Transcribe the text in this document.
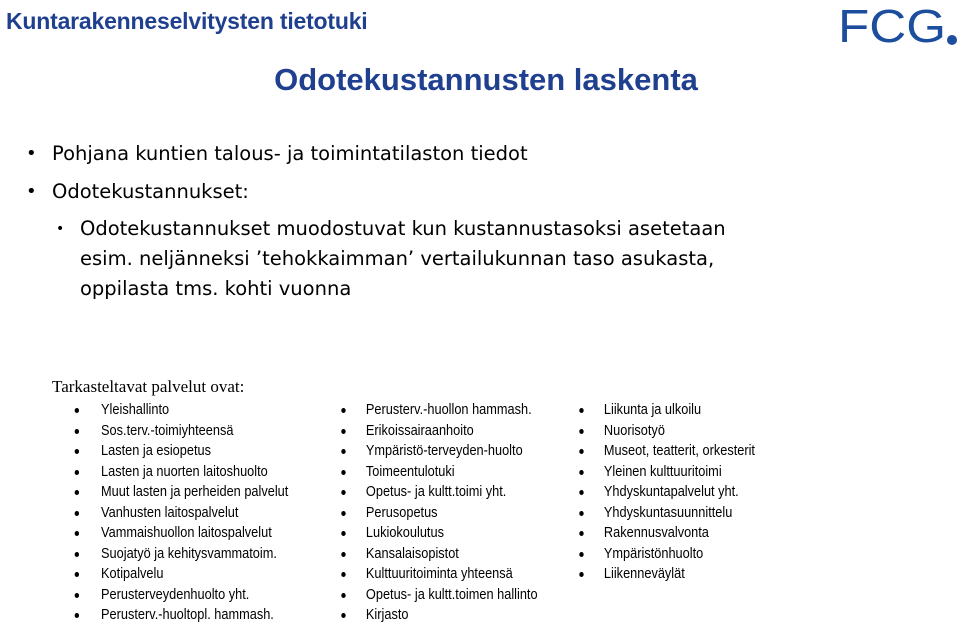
Kuntarakenneselvitysten tietotuki	FCG
Odotekustannusten laskenta
• Pohjana kuntien talous- ja toimintatilaston tiedot
• Odotekustannukset:
• Odotekustannukset muodostuvat kun kustannustasoksi asetetaan
esim. neljänneksi ’tehokkaimman’ vertailukunnan taso asukasta,
oppilasta tms. kohti vuonna
Tarkasteltavat palvelut ovat:
Yleishallinto
Sos.terv.-toimiyhteensä
Lasten ja esiopetus
Lasten ja nuorten laitoshuolto
Muut lasten ja perheiden palvelut
Vanhusten laitospalvelut
Vammaishuollon laitospalvelut
Suojatyö ja kehitysvammatoim.
Kotipalvelu
Perusterveydenhuolto yht.
Perusterv.-huoltopl. hammash.
Perusterv.-huollon hammash.
Erikoissairaanhoito
Ympäristö-terveyden-huolto
Toimeentulotuki
Opetus- ja kultt.toimi yht.
Perusopetus
Lukiokoulutus
Kansalaisopistot
Kulttuuritoiminta yhteensä
Opetus- ja kultt.toimen hallinto
Kirjasto
Liikunta ja ulkoilu
Nuorisotyö
Museot, teatterit, orkesterit
Yleinen kulttuuritoimi
Yhdyskuntapalvelut yht.
Yhdyskuntasuunnittelu
Rakennusvalvonta
Ympäristönhuolto
Liikenneväylät
